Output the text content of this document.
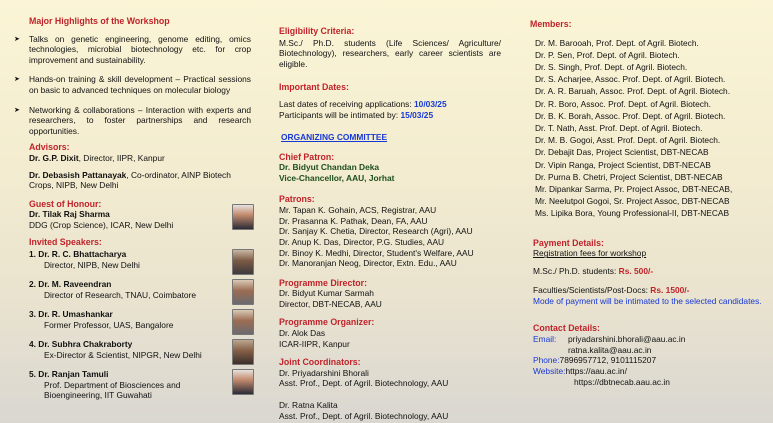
Major Highlights of the Workshop
➤	Talks on genetic engineering, genome editing, omics technologies, microbial biotechnology etc. for crop improvement and sustainability.
➤	Hands-on training & skill development – Practical sessions on basic to advanced techniques on molecular biology
➤	Networking & collaborations – Interaction with experts and researchers, to foster partnerships and research opportunities.
Advisors:
Dr. G.P. Dixit, Director, IIPR, Kanpur
Dr. Debasish Pattanayak, Co-ordinator, AINP Biotech Crops, NIPB, New Delhi
Guest of Honour:
Dr. Tilak Raj Sharma
DDG (Crop Science), ICAR, New Delhi
Invited Speakers:
1. Dr. R. C. Bhattacharya
Director, NIPB, New Delhi
2. Dr. M. Raveendran
Director of Research, TNAU, Coimbatore
3. Dr. R. Umashankar
Former Professor, UAS, Bangalore
4. Dr. Subhra Chakraborty
Ex-Director & Scientist, NIPGR, New Delhi
5. Dr. Ranjan Tamuli
Prof. Department of Biosciences and Bioengineering, IIT Guwahati
Eligibility Criteria:
M.Sc./ Ph.D. students (Life Sciences/ Agriculture/ Biotechnology), researchers, early career scientists are eligible.
Important Dates:
Last dates of receiving applications: 10/03/25
Participants will be intimated by: 15/03/25
ORGANIZING COMMITTEE
Chief Patron:
Dr. Bidyut Chandan Deka
Vice-Chancellor, AAU, Jorhat
Patrons:
Mr. Tapan K. Gohain, ACS, Registrar, AAU
Dr. Prasanna K. Pathak, Dean, FA, AAU
Dr. Sanjay K. Chetia, Director, Research (Agri), AAU
Dr. Anup K. Das, Director, P.G. Studies, AAU
Dr. Binoy K. Medhi, Director, Student's Welfare, AAU
Dr. Manoranjan Neog, Director, Extn. Edu., AAU
Programme Director:
Dr. Bidyut Kumar Sarmah
Director, DBT-NECAB, AAU
Programme Organizer:
Dr. Alok Das
ICAR-IIPR, Kanpur
Joint Coordinators:
Dr. Priyadarshini Bhorali
Asst. Prof., Dept. of Agril. Biotechnology, AAU
Dr. Ratna Kalita
Asst. Prof., Dept. of Agril. Biotechnology, AAU
Members:
Dr. M. Barooah, Prof. Dept. of Agril. Biotech.
Dr. P. Sen, Prof. Dept. of Agril. Biotech.
Dr. S. Singh, Prof. Dept. of Agril. Biotech.
Dr. S. Acharjee, Assoc. Prof. Dept. of Agril. Biotech.
Dr. A. R. Baruah, Assoc. Prof. Dept. of Agril. Biotech.
Dr. R. Boro, Assoc. Prof. Dept. of Agril. Biotech.
Dr. B. K. Borah, Assoc. Prof. Dept. of Agril. Biotech.
Dr. T. Nath, Asst. Prof. Dept. of Agril. Biotech.
Dr. M. B. Gogoi, Asst. Prof. Dept. of Agril. Biotech.
Dr. Debajit Das, Project Scientist, DBT-NECAB
Dr. Vipin Ranga, Project Scientist, DBT-NECAB
Dr. Purna B. Chetri, Project Scientist, DBT-NECAB
Mr. Dipankar Sarma, Pr. Project Assoc, DBT-NECAB,
Mr. Neelutpol Gogoi, Sr. Project Assoc, DBT-NECAB
Ms. Lipika Bora, Young Professional-II, DBT-NECAB
Payment Details:
Registration fees for workshop
M.Sc./ Ph.D. students: Rs. 500/-
Faculties/Scientists/Post-Docs: Rs. 1500/-
Mode of payment will be intimated to the selected candidates.
Contact Details:
Email:	priyadarshini.bhorali@aau.ac.in
ratna.kalita@aau.ac.in
Phone: 7896957712, 9101115207
Website: https://aau.ac.in/
https://dbtnecab.aau.ac.in
